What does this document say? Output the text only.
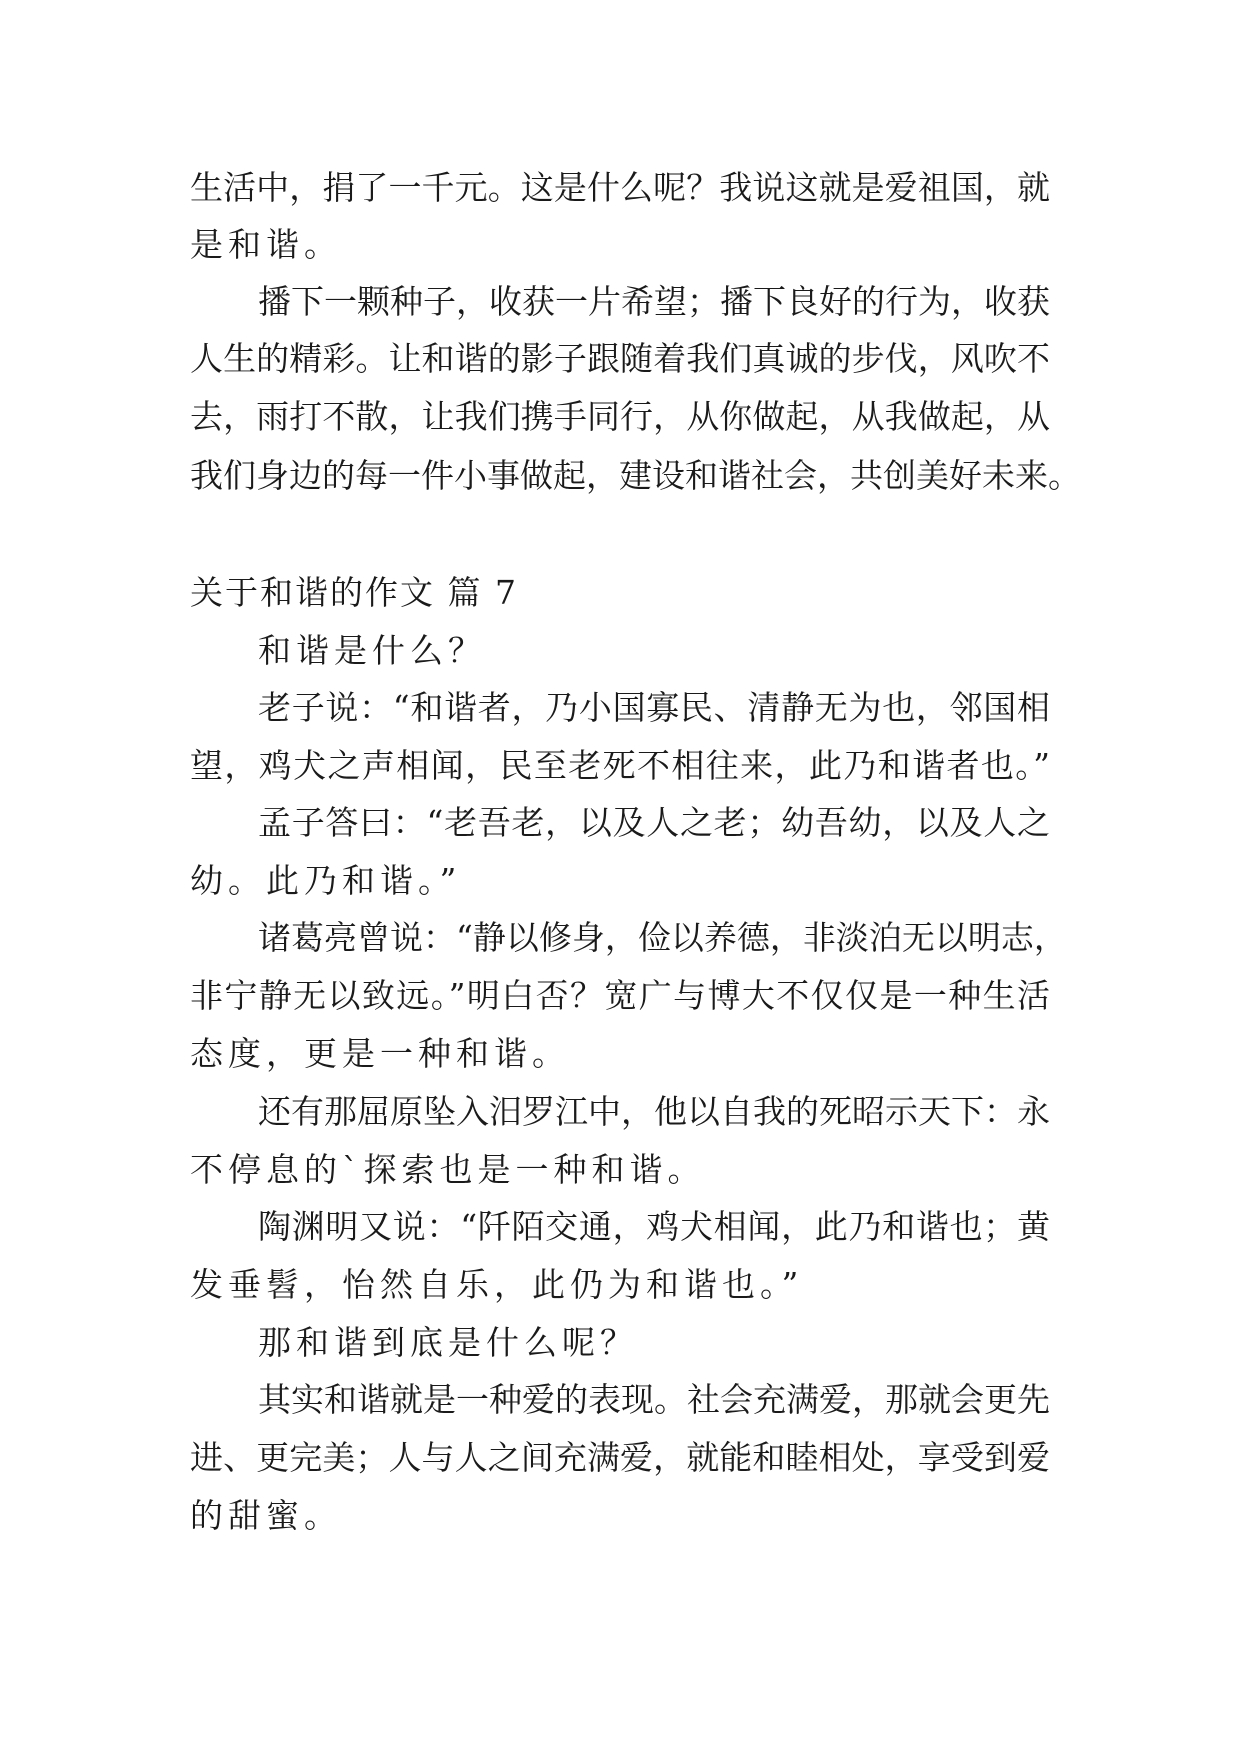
生活中，捐了一千元。这是什么呢？我说这就是爱祖国，就
是和谐。
播下一颗种子，收获一片希望；播下良好的行为，收获
人生的精彩。让和谐的影子跟随着我们真诚的步伐，风吹不
去，雨打不散，让我们携手同行，从你做起，从我做起，从
我们身边的每一件小事做起，建设和谐社会，共创美好未来。
关于和谐的作文 篇 7
和谐是什么？
老子说：“和谐者，乃小国寡民、清静无为也，邻国相
望，鸡犬之声相闻，民至老死不相往来，此乃和谐者也。”
孟子答曰：“老吾老，以及人之老；幼吾幼，以及人之
幼。此乃和谐。”
诸葛亮曾说：“静以修身，俭以养德，非淡泊无以明志，
非宁静无以致远。”明白否？宽广与博大不仅仅是一种生活
态度，更是一种和谐。
还有那屈原坠入汨罗江中，他以自我的死昭示天下：永
不停息的`探索也是一种和谐。
陶渊明又说：“阡陌交通，鸡犬相闻，此乃和谐也；黄
发垂髫，怡然自乐，此仍为和谐也。”
那和谐到底是什么呢？
其实和谐就是一种爱的表现。社会充满爱，那就会更先
进、更完美；人与人之间充满爱，就能和睦相处，享受到爱
的甜蜜。
